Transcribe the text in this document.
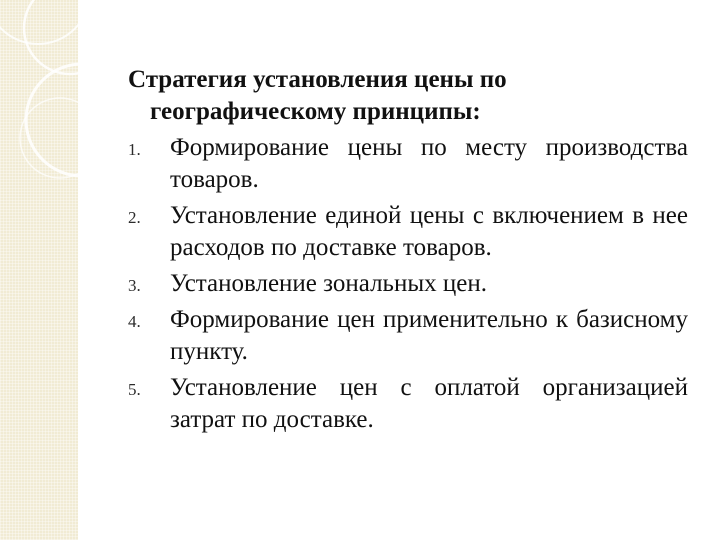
Стратегия установления цены по
географическому принципы:
1. Формирование цены по месту производства товаров.
2. Установление единой цены с включением в нее расходов по доставке товаров.
3. Установление зональных цен.
4. Формирование цен применительно к базисному пункту.
5. Установление цен с оплатой организацией затрат по доставке.
